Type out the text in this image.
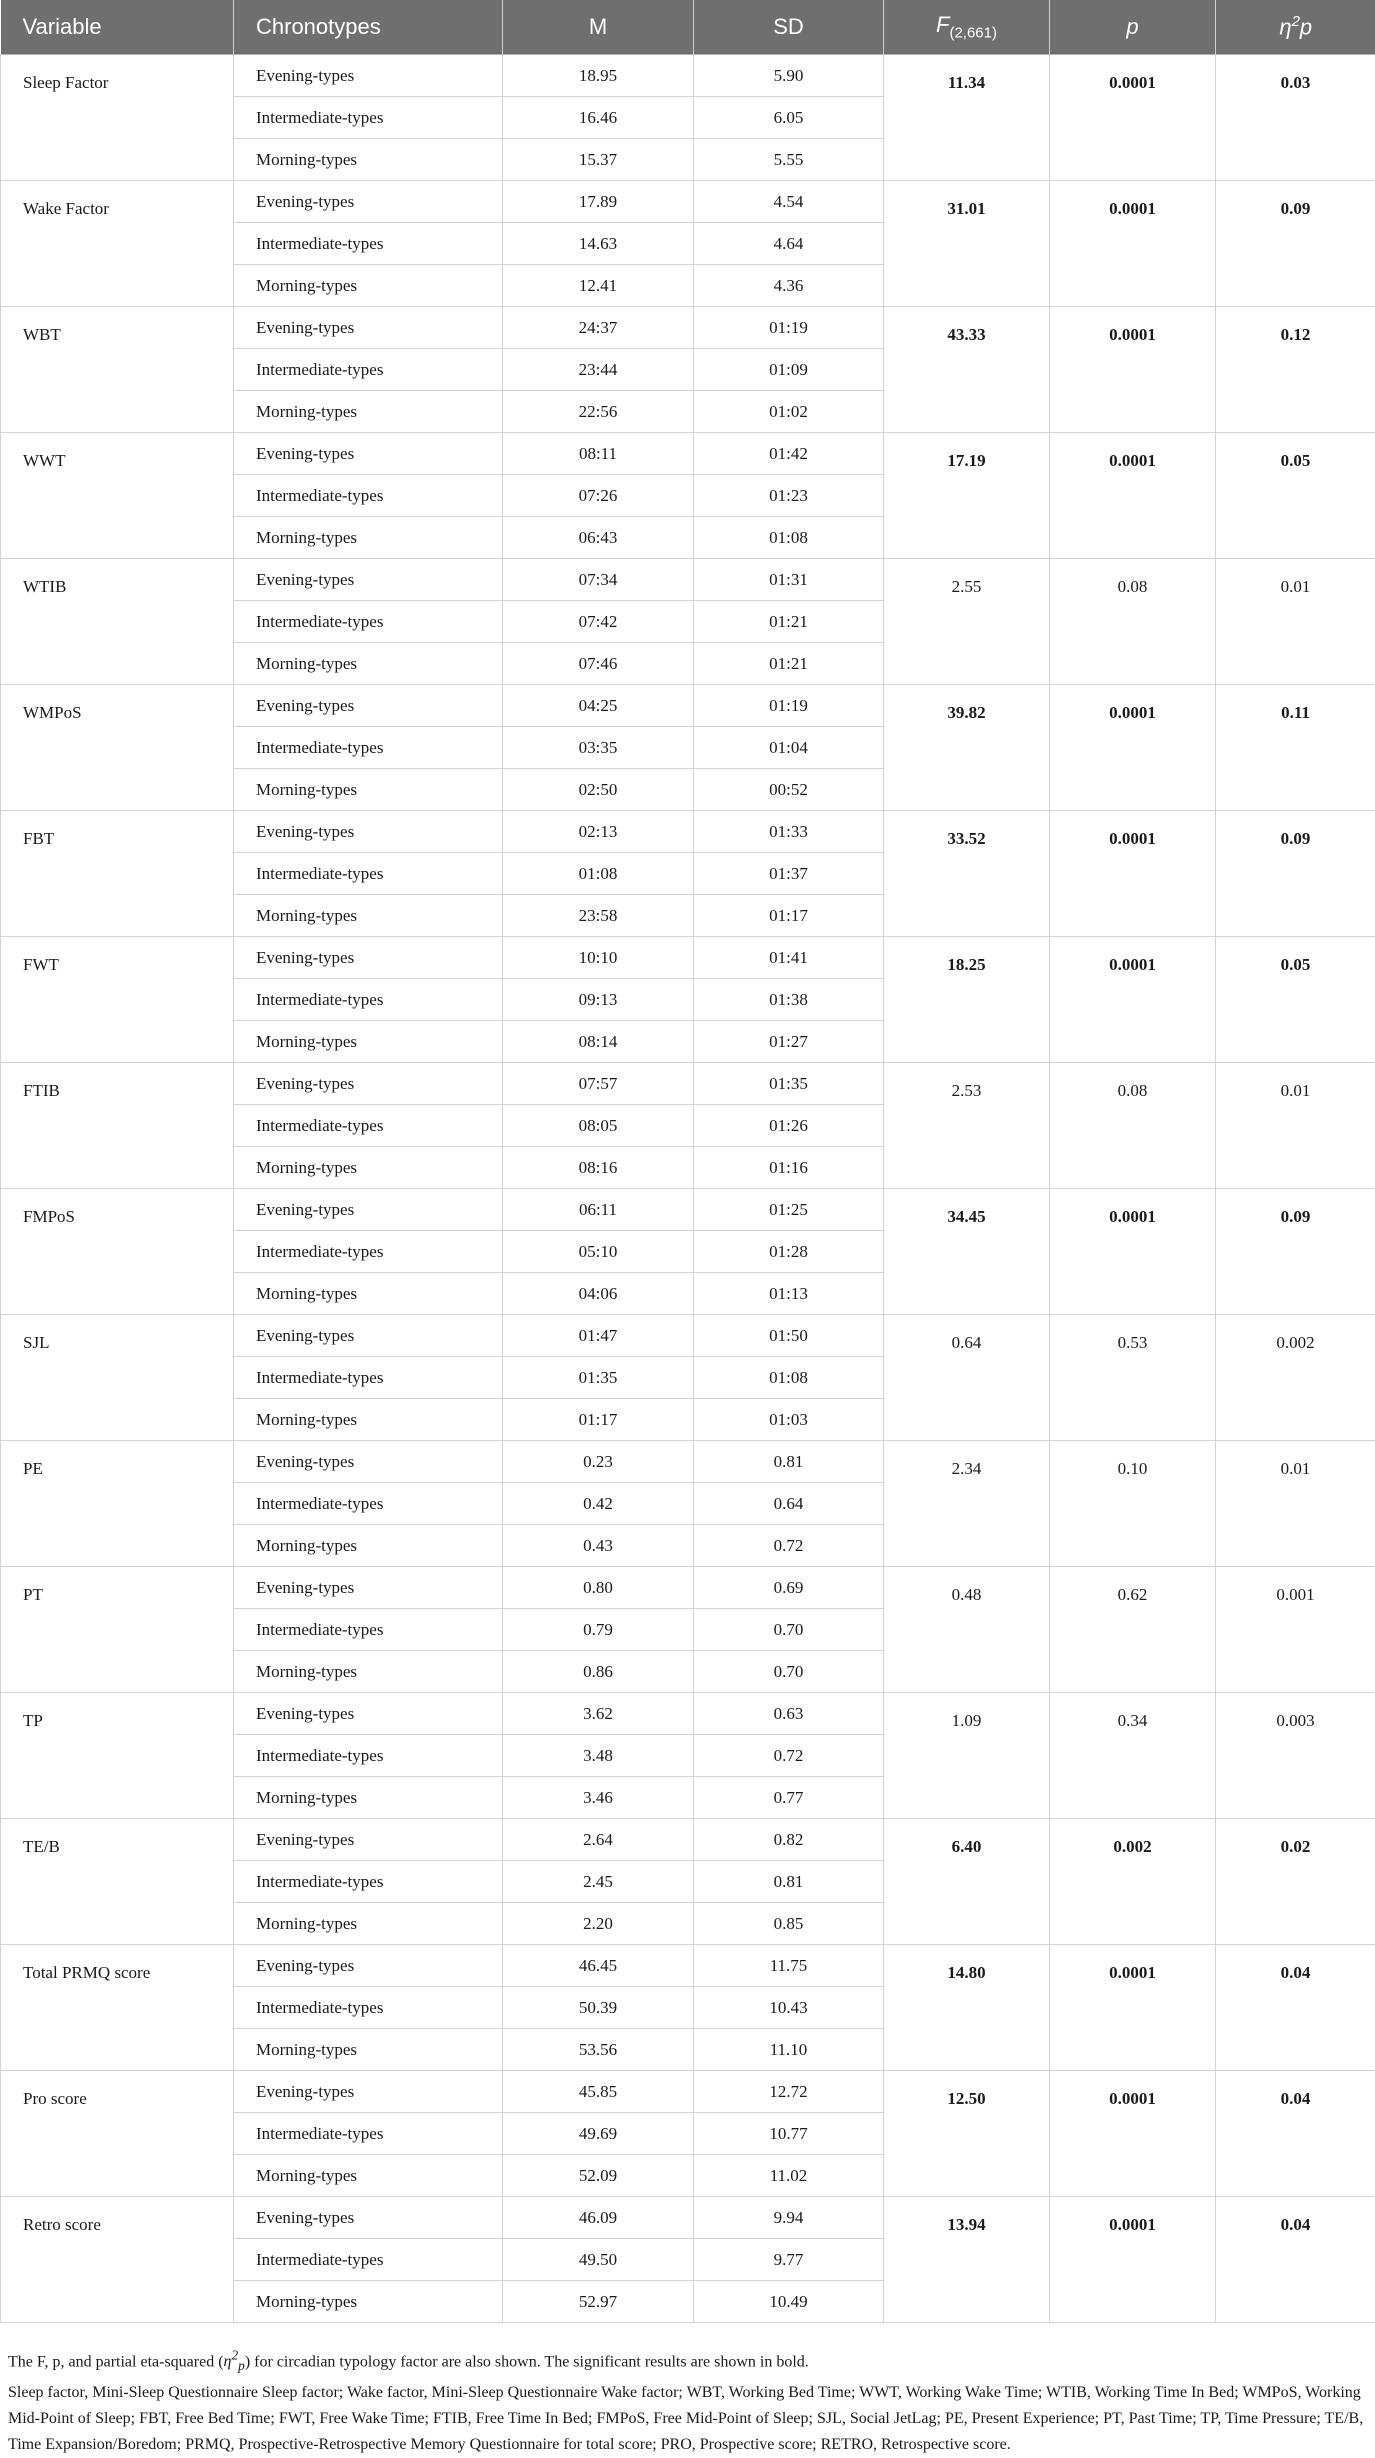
Variable	Chronotypes	M	SD	$F_{(2,661)}$	p	$\eta^2p$
Sleep Factor	Evening-types	18.95	5.90	11.34	0.0001	0.03
	Intermediate-types	16.46	6.05			
	Morning-types	15.37	5.55			
Wake Factor	Evening-types	17.89	4.54	31.01	0.0001	0.09
	Intermediate-types	14.63	4.64			
	Morning-types	12.41	4.36			
WBT	Evening-types	24:37	01:19	43.33	0.0001	0.12
	Intermediate-types	23:44	01:09			
	Morning-types	22:56	01:02			
WWT	Evening-types	08:11	01:42	17.19	0.0001	0.05
	Intermediate-types	07:26	01:23			
	Morning-types	06:43	01:08			
WTIB	Evening-types	07:34	01:31	2.55	0.08	0.01
	Intermediate-types	07:42	01:21			
	Morning-types	07:46	01:21			
WMPoS	Evening-types	04:25	01:19	39.82	0.0001	0.11
	Intermediate-types	03:35	01:04			
	Morning-types	02:50	00:52			
FBT	Evening-types	02:13	01:33	33.52	0.0001	0.09
	Intermediate-types	01:08	01:37			
	Morning-types	23:58	01:17			
FWT	Evening-types	10:10	01:41	18.25	0.0001	0.05
	Intermediate-types	09:13	01:38			
	Morning-types	08:14	01:27			
FTIB	Evening-types	07:57	01:35	2.53	0.08	0.01
	Intermediate-types	08:05	01:26			
	Morning-types	08:16	01:16			
FMPoS	Evening-types	06:11	01:25	34.45	0.0001	0.09
	Intermediate-types	05:10	01:28			
	Morning-types	04:06	01:13			
SJL	Evening-types	01:47	01:50	0.64	0.53	0.002
	Intermediate-types	01:35	01:08			
	Morning-types	01:17	01:03			
PE	Evening-types	0.23	0.81	2.34	0.10	0.01
	Intermediate-types	0.42	0.64			
	Morning-types	0.43	0.72			
PT	Evening-types	0.80	0.69	0.48	0.62	0.001
	Intermediate-types	0.79	0.70			
	Morning-types	0.86	0.70			
TP	Evening-types	3.62	0.63	1.09	0.34	0.003
	Intermediate-types	3.48	0.72			
	Morning-types	3.46	0.77			
TE/B	Evening-types	2.64	0.82	6.40	0.002	0.02
	Intermediate-types	2.45	0.81			
	Morning-types	2.20	0.85			
Total PRMQ score	Evening-types	46.45	11.75	14.80	0.0001	0.04
	Intermediate-types	50.39	10.43			
	Morning-types	53.56	11.10			
Pro score	Evening-types	45.85	12.72	12.50	0.0001	0.04
	Intermediate-types	49.69	10.77			
	Morning-types	52.09	11.02			
Retro score	Evening-types	46.09	9.94	13.94	0.0001	0.04
	Intermediate-types	49.50	9.77			
	Morning-types	52.97	10.49			

The F, p, and partial eta-squared $(\eta^2_p)$ for circadian typology factor are also shown. The significant results are shown in bold.

Sleep factor, Mini-Sleep Questionnaire Sleep factor; Wake factor, Mini-Sleep Questionnaire Wake factor; WBT, Working Bed Time; WWT, Working Wake Time; WTIB, Working Time In Bed; WMPoS, Working Mid-Point of Sleep; FBT, Free Bed Time; FWT, Free Wake Time; FTIB, Free Time In Bed; FMPoS, Free Mid-Point of Sleep; SJL, Social JetLag; PE, Present Experience; PT, Past Time; TP, Time Pressure; TE/B, Time Expansion/Boredom; PRMQ, Prospective-Retrospective Memory Questionnaire for total score; PRO, Prospective score; RETRO, Retrospective score.
